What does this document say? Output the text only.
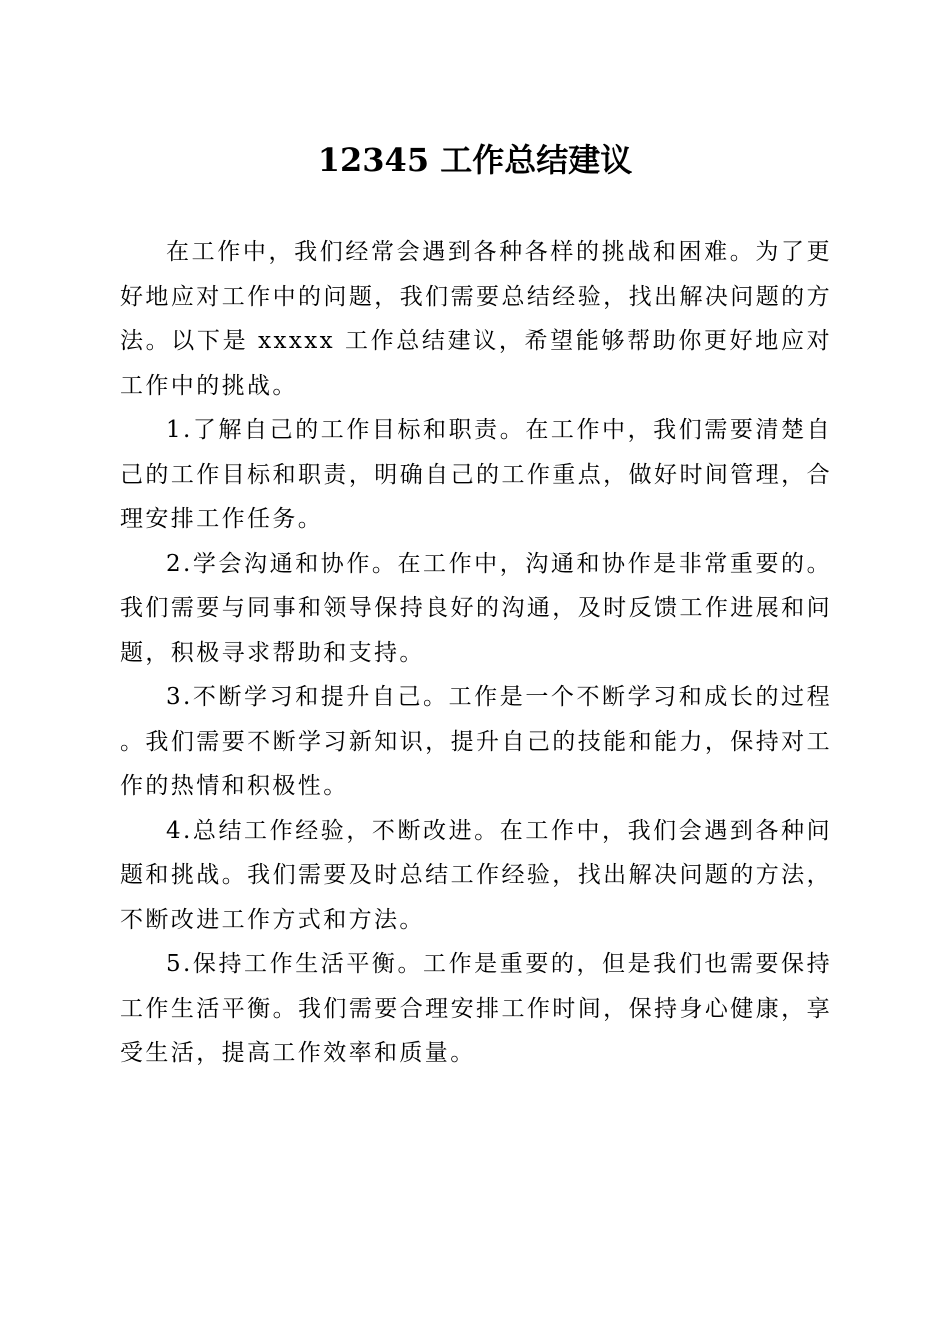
12345 工作总结建议

在工作中，我们经常会遇到各种各样的挑战和困难。为了更好地应对工作中的问题，我们需要总结经验，找出解决问题的方法。以下是 xxxxx 工作总结建议，希望能够帮助你更好地应对工作中的挑战。

1.了解自己的工作目标和职责。在工作中，我们需要清楚自己的工作目标和职责，明确自己的工作重点，做好时间管理，合理安排工作任务。

2.学会沟通和协作。在工作中，沟通和协作是非常重要的。我们需要与同事和领导保持良好的沟通，及时反馈工作进展和问题，积极寻求帮助和支持。

3.不断学习和提升自己。工作是一个不断学习和成长的过程。我们需要不断学习新知识，提升自己的技能和能力，保持对工作的热情和积极性。

4.总结工作经验，不断改进。在工作中，我们会遇到各种问题和挑战。我们需要及时总结工作经验，找出解决问题的方法，不断改进工作方式和方法。

5.保持工作生活平衡。工作是重要的，但是我们也需要保持工作生活平衡。我们需要合理安排工作时间，保持身心健康，享受生活，提高工作效率和质量。
